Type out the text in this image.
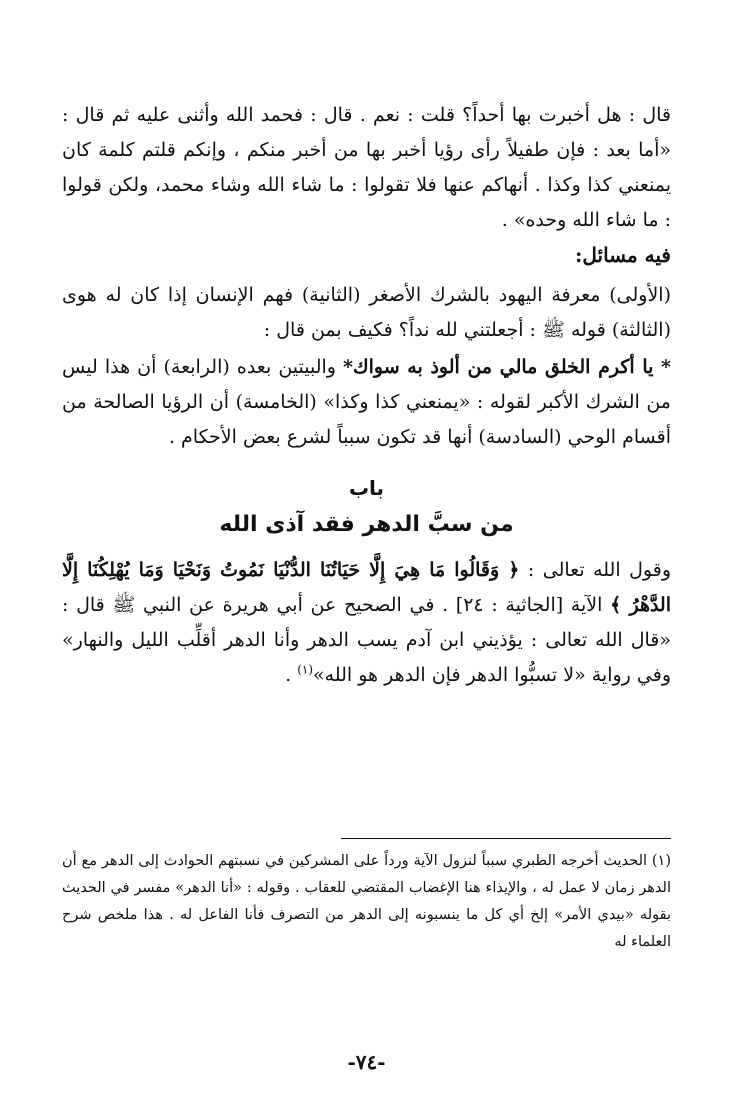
قال : هل أخبرت بها أحداً؟ قلت : نعم . قال : فحمد الله وأثنى عليه ثم قال : «أما بعد : فإن طفيلاً رأى رؤيا أخبر بها من أخبر منكم ، وإنكم قلتم كلمة كان يمنعني كذا وكذا . أنهاكم عنها فلا تقولوا : ما شاء الله وشاء محمد، ولكن قولوا : ما شاء الله وحده» .

فيه مسائل:

(الأولى) معرفة اليهود بالشرك الأصغر (الثانية) فهم الإنسان إذا كان له هوى (الثالثة) قوله ﷺ : أجعلتني لله نداً؟ فكيف بمن قال :

* يا أكرم الخلق مالي من ألوذ به سواك* والبيتين بعده (الرابعة) أن هذا ليس من الشرك الأكبر لقوله : «يمنعني كذا وكذا» (الخامسة) أن الرؤيا الصالحة من أقسام الوحي (السادسة) أنها قد تكون سبباً لشرع بعض الأحكام .

باب
من سبَّ الدهر فقد آذى الله

وقول الله تعالى : ﴿ وَقَالُوا مَا هِيَ إِلَّا حَيَاتُنَا الدُّنْيَا نَمُوتُ وَنَحْيَا وَمَا يُهْلِكُنَا إِلَّا الدَّهْرُ ﴾ الآية [الجاثية : ٢٤] . في الصحيح عن أبي هريرة عن النبي ﷺ قال : «قال الله تعالى : يؤذيني ابن آدم يسب الدهر وأنا الدهر أقلِّب الليل والنهار» وفي رواية «لا تسبُّوا الدهر فإن الدهر هو الله»$^{(١)}$ .

(١) الحديث أخرجه الطبري سبباً لنزول الآية ورداً على المشركين في نسبتهم الحوادث إلى الدهر مع أن الدهر زمان لا عمل له ، والإيذاء هنا الإغضاب المقتضي للعقاب . وقوله : «أنا الدهر» مفسر في الحديث بقوله «بيدي الأمر» إلخ أي كل ما ينسبونه إلى الدهر من التصرف فأنا الفاعل له . هذا ملخص شرح العلماء له

-٧٤-
